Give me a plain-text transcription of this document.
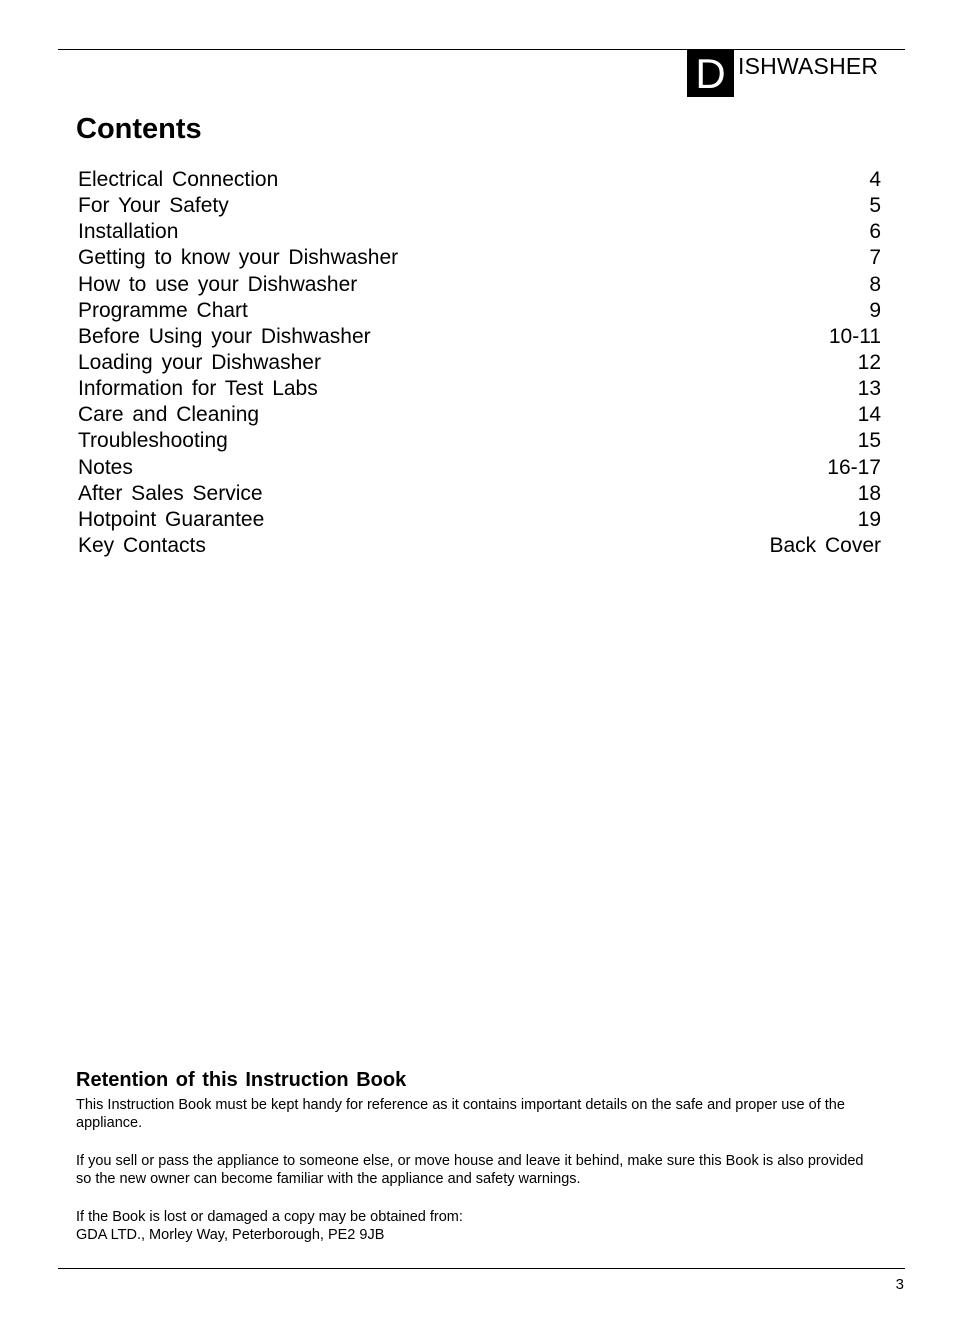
D ISHWASHER
Contents
Electrical Connection	4
For Your Safety	5
Installation	6
Getting to know your Dishwasher	7
How to use your Dishwasher	8
Programme Chart	9
Before Using your Dishwasher	10-11
Loading your Dishwasher	12
Information for Test Labs	13
Care and Cleaning	14
Troubleshooting	15
Notes	16-17
After Sales Service	18
Hotpoint Guarantee	19
Key Contacts	Back Cover
Retention of this Instruction Book

This Instruction Book must be kept handy for reference as it contains important details on the safe and proper use of the appliance.

If you sell or pass the appliance to someone else, or move house and leave it behind, make sure this Book is also provided so the new owner can become familiar with the appliance and safety warnings.

If the Book is lost or damaged a copy may be obtained from:

GDA LTD., Morley Way, Peterborough, PE2 9JB

3
